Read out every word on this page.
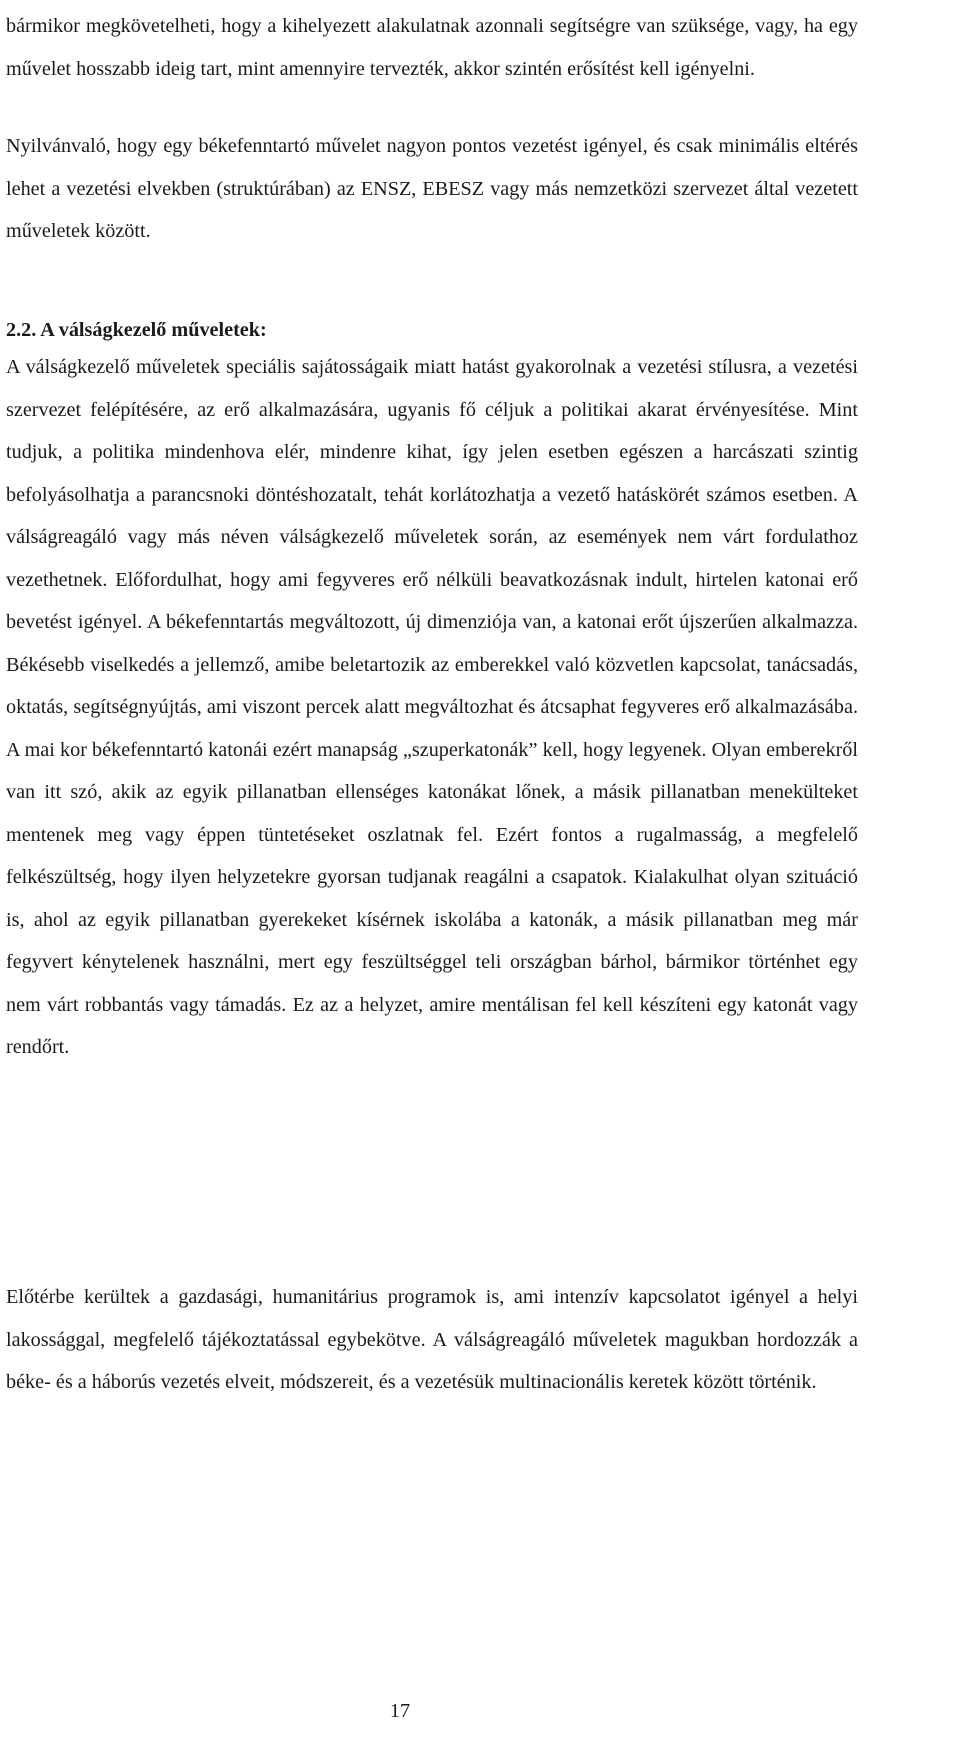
bármikor megkövetelheti, hogy a kihelyezett alakulatnak azonnali segítségre van szüksége, vagy, ha egy művelet hosszabb ideig tart, mint amennyire tervezték, akkor szintén erősítést kell igényelni.

Nyilvánvaló, hogy egy békefenntartó művelet nagyon pontos vezetést igényel, és csak minimális eltérés lehet a vezetési elvekben (struktúrában) az ENSZ, EBESZ vagy más nemzetközi szervezet által vezetett műveletek között.

2.2. A válságkezelő műveletek:

A válságkezelő műveletek speciális sajátosságaik miatt hatást gyakorolnak a vezetési stílusra, a vezetési szervezet felépítésére, az erő alkalmazására, ugyanis fő céljuk a politikai akarat érvényesítése. Mint tudjuk, a politika mindenhova elér, mindenre kihat, így jelen esetben egészen a harcászati szintig befolyásolhatja a parancsnoki döntéshozatalt, tehát korlátozhatja a vezető hatáskörét számos esetben. A válságreagáló vagy más néven válságkezelő műveletek során, az események nem várt fordulathoz vezethetnek. Előfordulhat, hogy ami fegyveres erő nélküli beavatkozásnak indult, hirtelen katonai erő bevetést igényel. A békefenntartás megváltozott, új dimenziója van, a katonai erőt újszerűen alkalmazza. Békésebb viselkedés a jellemző, amibe beletartozik az emberekkel való közvetlen kapcsolat, tanácsadás, oktatás, segítségnyújtás, ami viszont percek alatt megváltozhat és átcsaphat fegyveres erő alkalmazásába. A mai kor békefenntartó katonái ezért manapság „szuperkatonák” kell, hogy legyenek. Olyan emberekről van itt szó, akik az egyik pillanatban ellenséges katonákat lőnek, a másik pillanatban menekülteket mentenek meg vagy éppen tüntetéseket oszlatnak fel. Ezért fontos a rugalmasság, a megfelelő felkészültség, hogy ilyen helyzetekre gyorsan tudjanak reagálni a csapatok. Kialakulhat olyan szituáció is, ahol az egyik pillanatban gyerekeket kísérnek iskolába a katonák, a másik pillanatban meg már fegyvert kénytelenek használni, mert egy feszültséggel teli országban bárhol, bármikor történhet egy nem várt robbantás vagy támadás. Ez az a helyzet, amire mentálisan fel kell készíteni egy katonát vagy rendőrt.

Előtérbe kerültek a gazdasági, humanitárius programok is, ami intenzív kapcsolatot igényel a helyi lakossággal, megfelelő tájékoztatással egybekötve. A válságreagáló műveletek magukban hordozzák a béke- és a háborús vezetés elveit, módszereit, és a vezetésük multinacionális keretek között történik.

17
